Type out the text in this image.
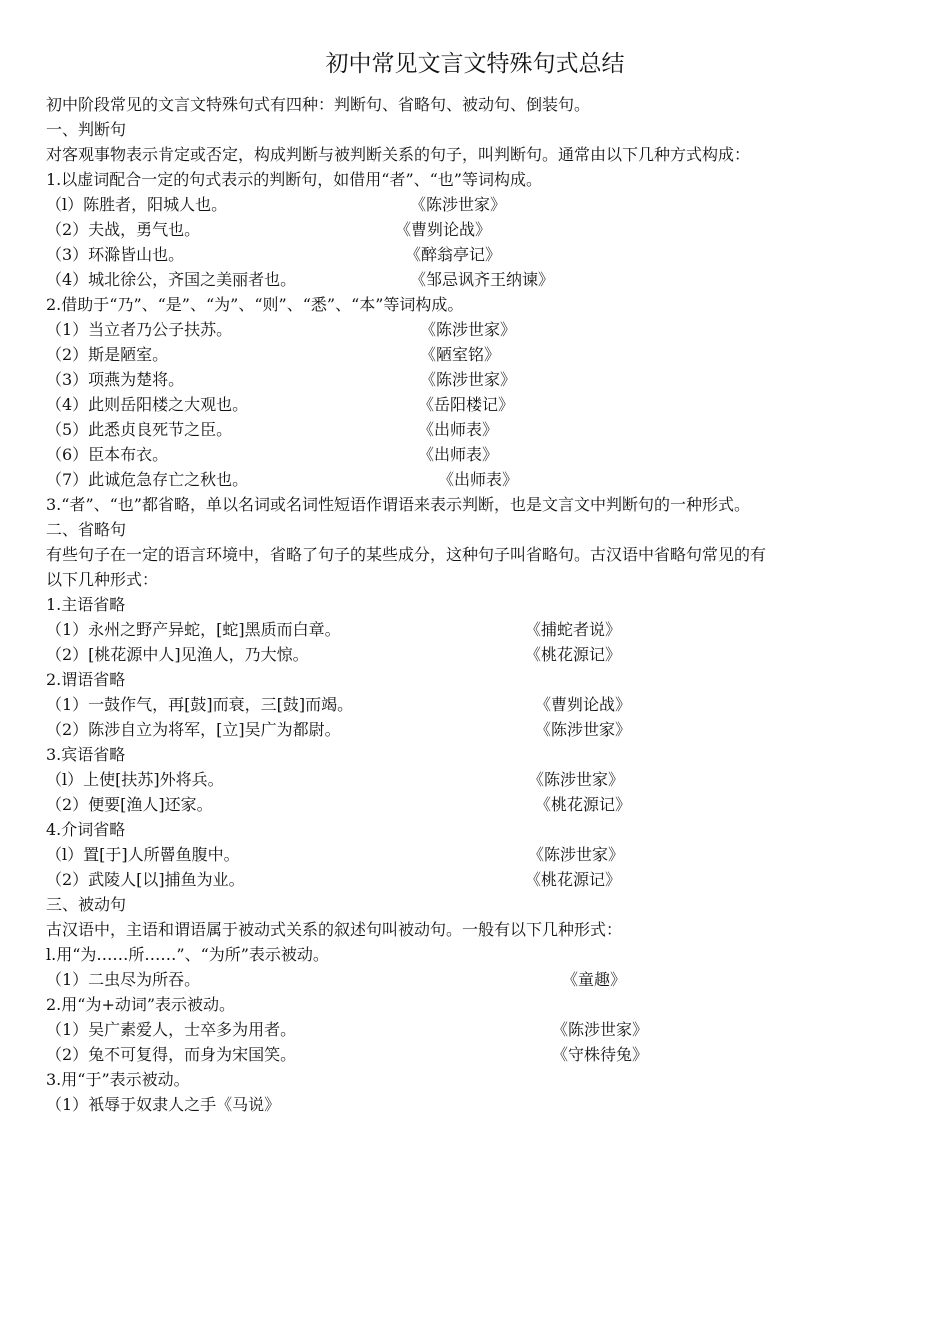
初中常见文言文特殊句式总结
初中阶段常见的文言文特殊句式有四种：判断句、省略句、被动句、倒装句。
一、判断句
对客观事物表示肯定或否定，构成判断与被判断关系的句子，叫判断句。通常由以下几种方式构成：
1.以虚词配合一定的句式表示的判断句，如借用“者”、“也”等词构成。
（l）陈胜者，阳城人也。	《陈涉世家》
（2）夫战，勇气也。	《曹刿论战》
（3）环滁皆山也。	《醉翁亭记》
（4）城北徐公，齐国之美丽者也。	《邹忌讽齐王纳谏》
2.借助于“乃”、“是”、“为”、“则”、“悉”、“本”等词构成。
（1）当立者乃公子扶苏。	《陈涉世家》
（2）斯是陋室。	《陋室铭》
（3）项燕为楚将。	《陈涉世家》
（4）此则岳阳楼之大观也。	《岳阳楼记》
（5）此悉贞良死节之臣。	《出师表》
（6）臣本布衣。	《出师表》
（7）此诚危急存亡之秋也。	《出师表》
3.“者”、“也”都省略，单以名词或名词性短语作谓语来表示判断，也是文言文中判断句的一种形式。
二、省略句
有些句子在一定的语言环境中，省略了句子的某些成分，这种句子叫省略句。古汉语中省略句常见的有
以下几种形式：
1.主语省略
（1）永州之野产异蛇，[蛇]黑质而白章。	《捕蛇者说》
（2）[桃花源中人]见渔人，乃大惊。	《桃花源记》
2.谓语省略
（1）一鼓作气，再[鼓]而衰，三[鼓]而竭。	《曹刿论战》
（2）陈涉自立为将军，[立]吴广为都尉。	《陈涉世家》
3.宾语省略
（l）上使[扶苏]外将兵。	《陈涉世家》
（2）便要[渔人]还家。	《桃花源记》
4.介词省略
（l）置[于]人所罾鱼腹中。	《陈涉世家》
（2）武陵人[以]捕鱼为业。	《桃花源记》
三、被动句
古汉语中，主语和谓语属于被动式关系的叙述句叫被动句。一般有以下几种形式：
l.用“为……所……”、“为所”表示被动。
（1）二虫尽为所吞。	《童趣》
2.用“为+动词”表示被动。
（1）吴广素爱人，士卒多为用者。	《陈涉世家》
（2）兔不可复得，而身为宋国笑。	《守株待兔》
3.用“于”表示被动。
（1）衹辱于奴隶人之手《马说》
